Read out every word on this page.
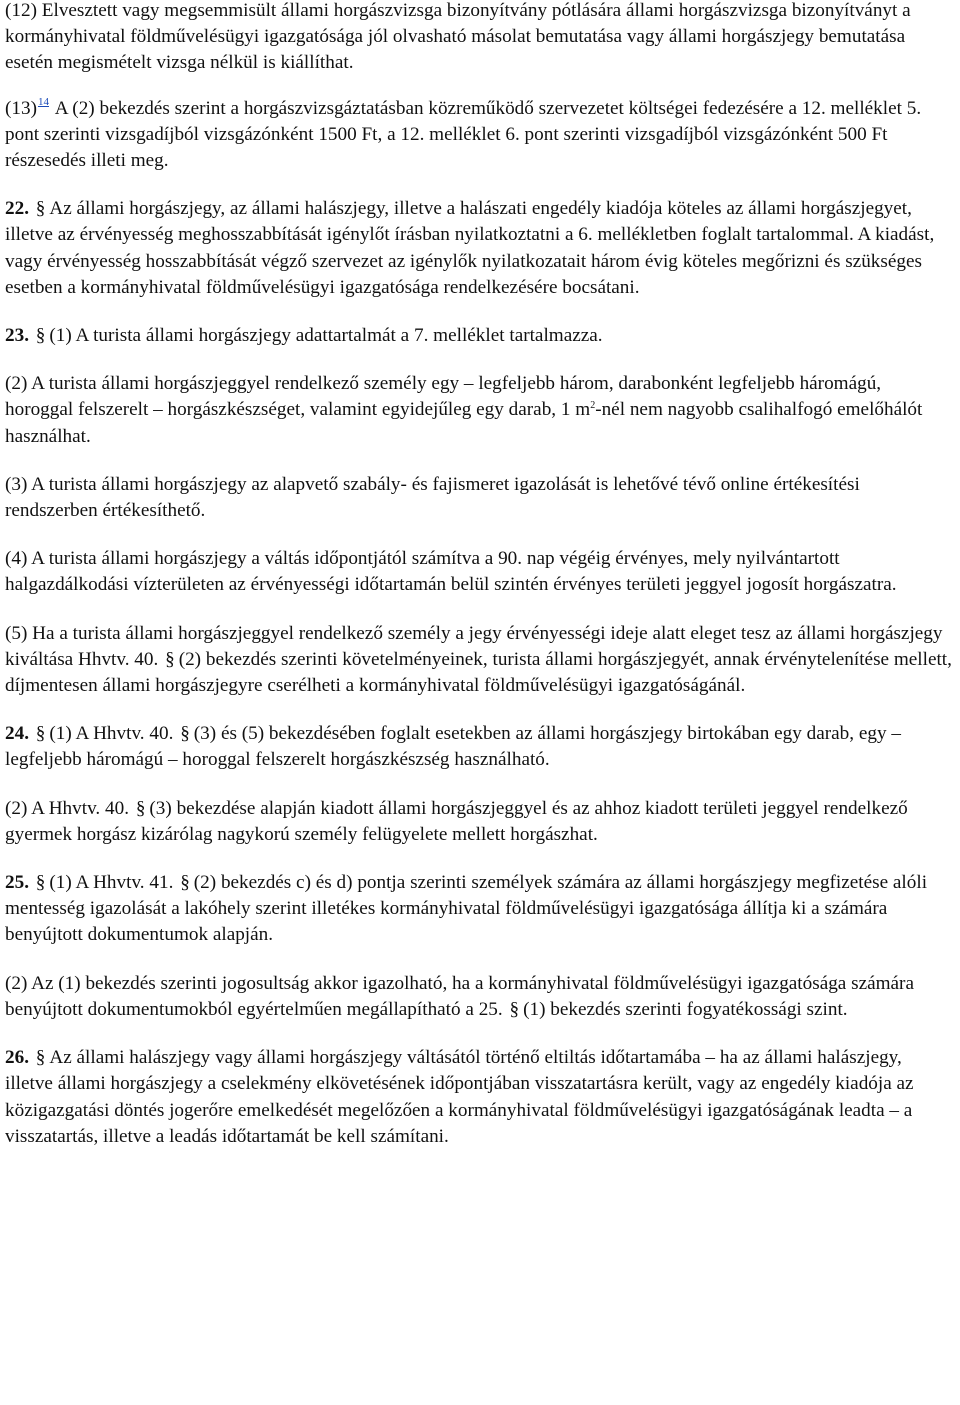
(12) Elvesztett vagy megsemmisült állami horgászvizsga bizonyítvány pótlására állami horgászvizsga bizonyítványt a kormányhivatal földművelésügyi igazgatósága jól olvasható másolat bemutatása vagy állami horgászjegy bemutatása esetén megismételt vizsga nélkül is kiállíthat.

(13)$^{14}$ A (2) bekezdés szerint a horgászvizsgáztatásban közreműködő szervezetet költségei fedezésére a 12. melléklet 5. pont szerinti vizsgadíjból vizsgázónként 1500 Ft, a 12. melléklet 6. pont szerinti vizsgadíjból vizsgázónként 500 Ft részesedés illeti meg.

22. § Az állami horgászjegy, az állami halászjegy, illetve a halászati engedély kiadója köteles az állami horgászjegyet, illetve az érvényesség meghosszabbítását igénylőt írásban nyilatkoztatni a 6. mellékletben foglalt tartalommal. A kiadást, vagy érvényesség hosszabbítását végző szervezet az igénylők nyilatkozatait három évig köteles megőrizni és szükséges esetben a kormányhivatal földművelésügyi igazgatósága rendelkezésére bocsátani.

23. § (1) A turista állami horgászjegy adattartalmát a 7. melléklet tartalmazza.

(2) A turista állami horgászjeggyel rendelkező személy egy – legfeljebb három, darabonként legfeljebb háromágú, horoggal felszerelt – horgászkészséget, valamint egyidejűleg egy darab, 1 $m^2$-nél nem nagyobb csalihalfogó emelőhálót használhat.

(3) A turista állami horgászjegy az alapvető szabály- és fajismeret igazolását is lehetővé tévő online értékesítési rendszerben értékesíthető.

(4) A turista állami horgászjegy a váltás időpontjától számítva a 90. nap végéig érvényes, mely nyilvántartott halgazdálkodási vízterületen az érvényességi időtartamán belül szintén érvényes területi jeggyel jogosít horgászatra.

(5) Ha a turista állami horgászjeggyel rendelkező személy a jegy érvényességi ideje alatt eleget tesz az állami horgászjegy kiváltása Hhvtv. 40. § (2) bekezdés szerinti követelményeinek, turista állami horgászjegyét, annak érvénytelenítése mellett, díjmentesen állami horgászjegyre cserélheti a kormányhivatal földművelésügyi igazgatóságánál.

24. § (1) A Hhvtv. 40. § (3) és (5) bekezdésében foglalt esetekben az állami horgászjegy birtokában egy darab, egy – legfeljebb háromágú – horoggal felszerelt horgászkészség használható.

(2) A Hhvtv. 40. § (3) bekezdése alapján kiadott állami horgászjeggyel és az ahhoz kiadott területi jeggyel rendelkező gyermek horgász kizárólag nagykorú személy felügyelete mellett horgászhat.

25. § (1) A Hhvtv. 41. § (2) bekezdés c) és d) pontja szerinti személyek számára az állami horgászjegy megfizetése alóli mentesség igazolását a lakóhely szerint illetékes kormányhivatal földművelésügyi igazgatósága állítja ki a számára benyújtott dokumentumok alapján.

(2) Az (1) bekezdés szerinti jogosultság akkor igazolható, ha a kormányhivatal földművelésügyi igazgatósága számára benyújtott dokumentumokból egyértelműen megállapítható a 25. § (1) bekezdés szerinti fogyatékossági szint.

26. § Az állami halászjegy vagy állami horgászjegy váltásától történő eltiltás időtartamába – ha az állami halászjegy, illetve állami horgászjegy a cselekmény elkövetésének időpontjában visszatartásra került, vagy az engedély kiadója az közigazgatási döntés jogerőre emelkedését megelőzően a kormányhivatal földművelésügyi igazgatóságának leadta – a visszatartás, illetve a leadás időtartamát be kell számítani.
